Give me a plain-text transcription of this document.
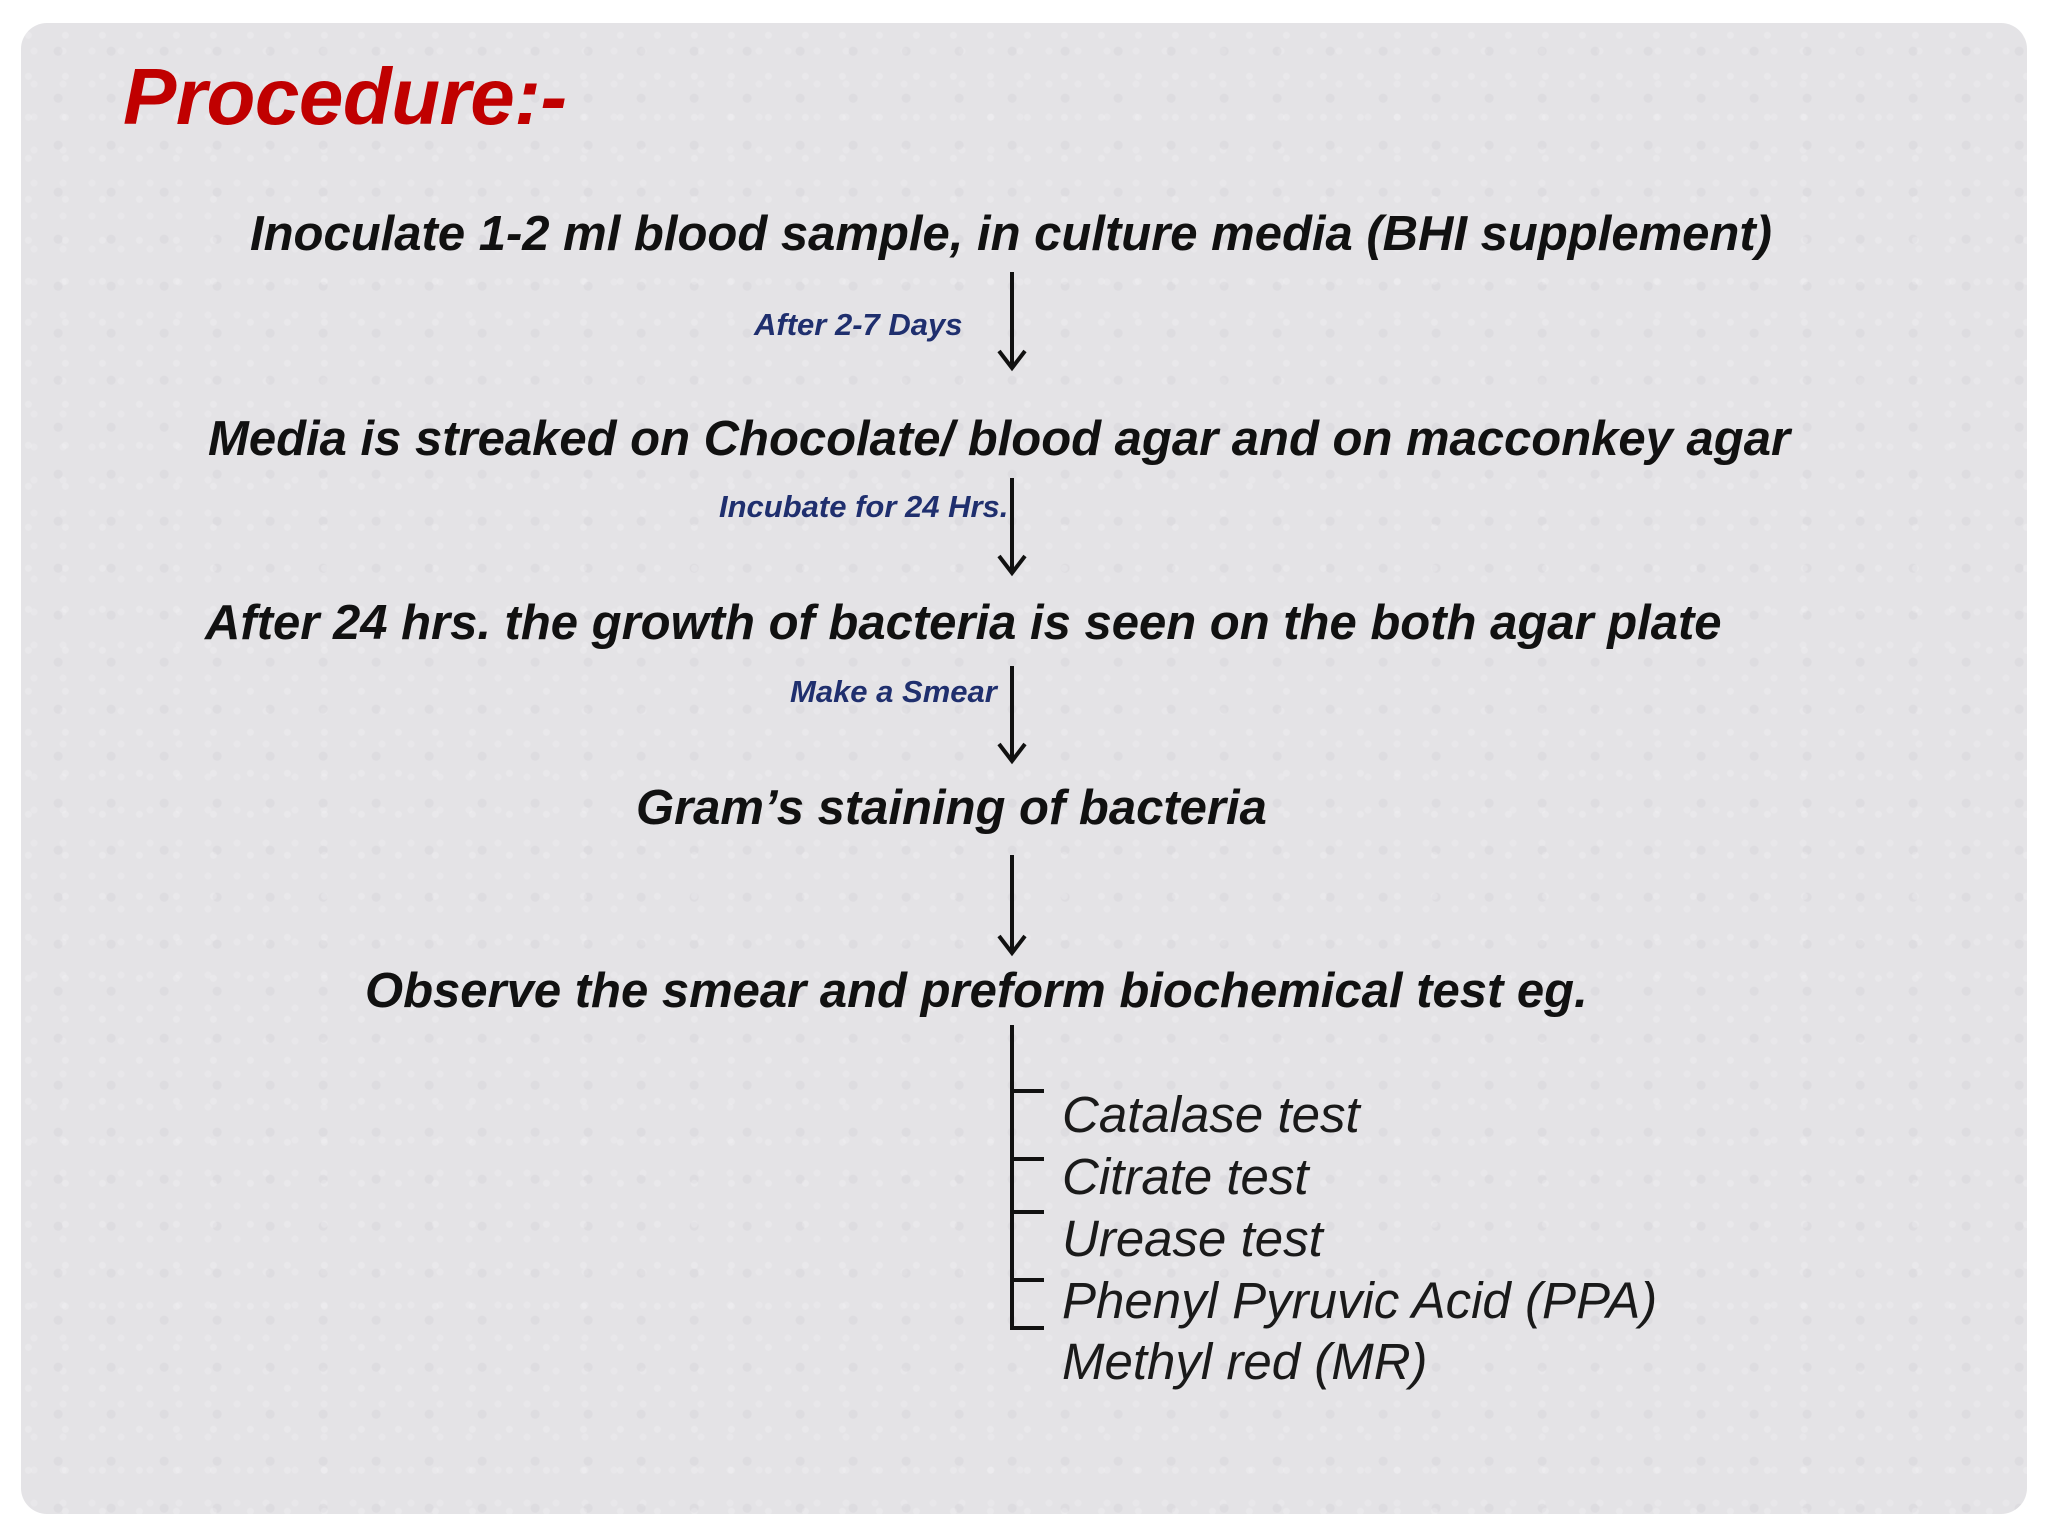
Procedure:-
Inoculate 1-2 ml blood sample, in culture media (BHI supplement)
After 2-7 Days
Media is streaked on Chocolate/ blood agar and on macconkey agar
Incubate for 24 Hrs.
After 24 hrs. the growth of bacteria is seen on the both agar plate
Make a Smear
Gram’s staining of bacteria
Observe the smear and preform biochemical test eg.
Catalase test
Citrate test
Urease test
Phenyl Pyruvic Acid (PPA)
Methyl red (MR)
